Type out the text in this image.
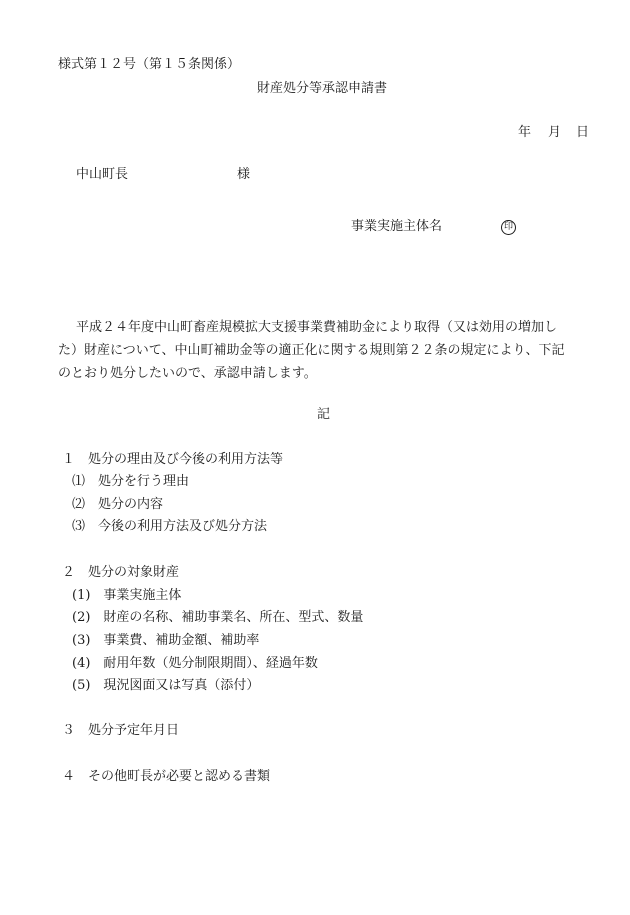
様式第１２号（第１５条関係）
財産処分等承認申請書
年 月 日
中山町長	様
事業実施主体名	印

平成２４年度中山町畜産規模拡大支援事業費補助金により取得（又は効用の増加し

た）財産について、中山町補助金等の適正化に関する規則第２２条の規定により、下記

のとおり処分したいので、承認申請します。

記
１　処分の理由及び今後の利用方法等
⑴　処分を行う理由
⑵　処分の内容
⑶　今後の利用方法及び処分方法
２　処分の対象財産
(1)　事業実施主体
(2)　財産の名称、補助事業名、所在、型式、数量
(3)　事業費、補助金額、補助率
(4)　耐用年数（処分制限期間）、経過年数
(5)　現況図面又は写真（添付）
３　処分予定年月日
４　その他町長が必要と認める書類
